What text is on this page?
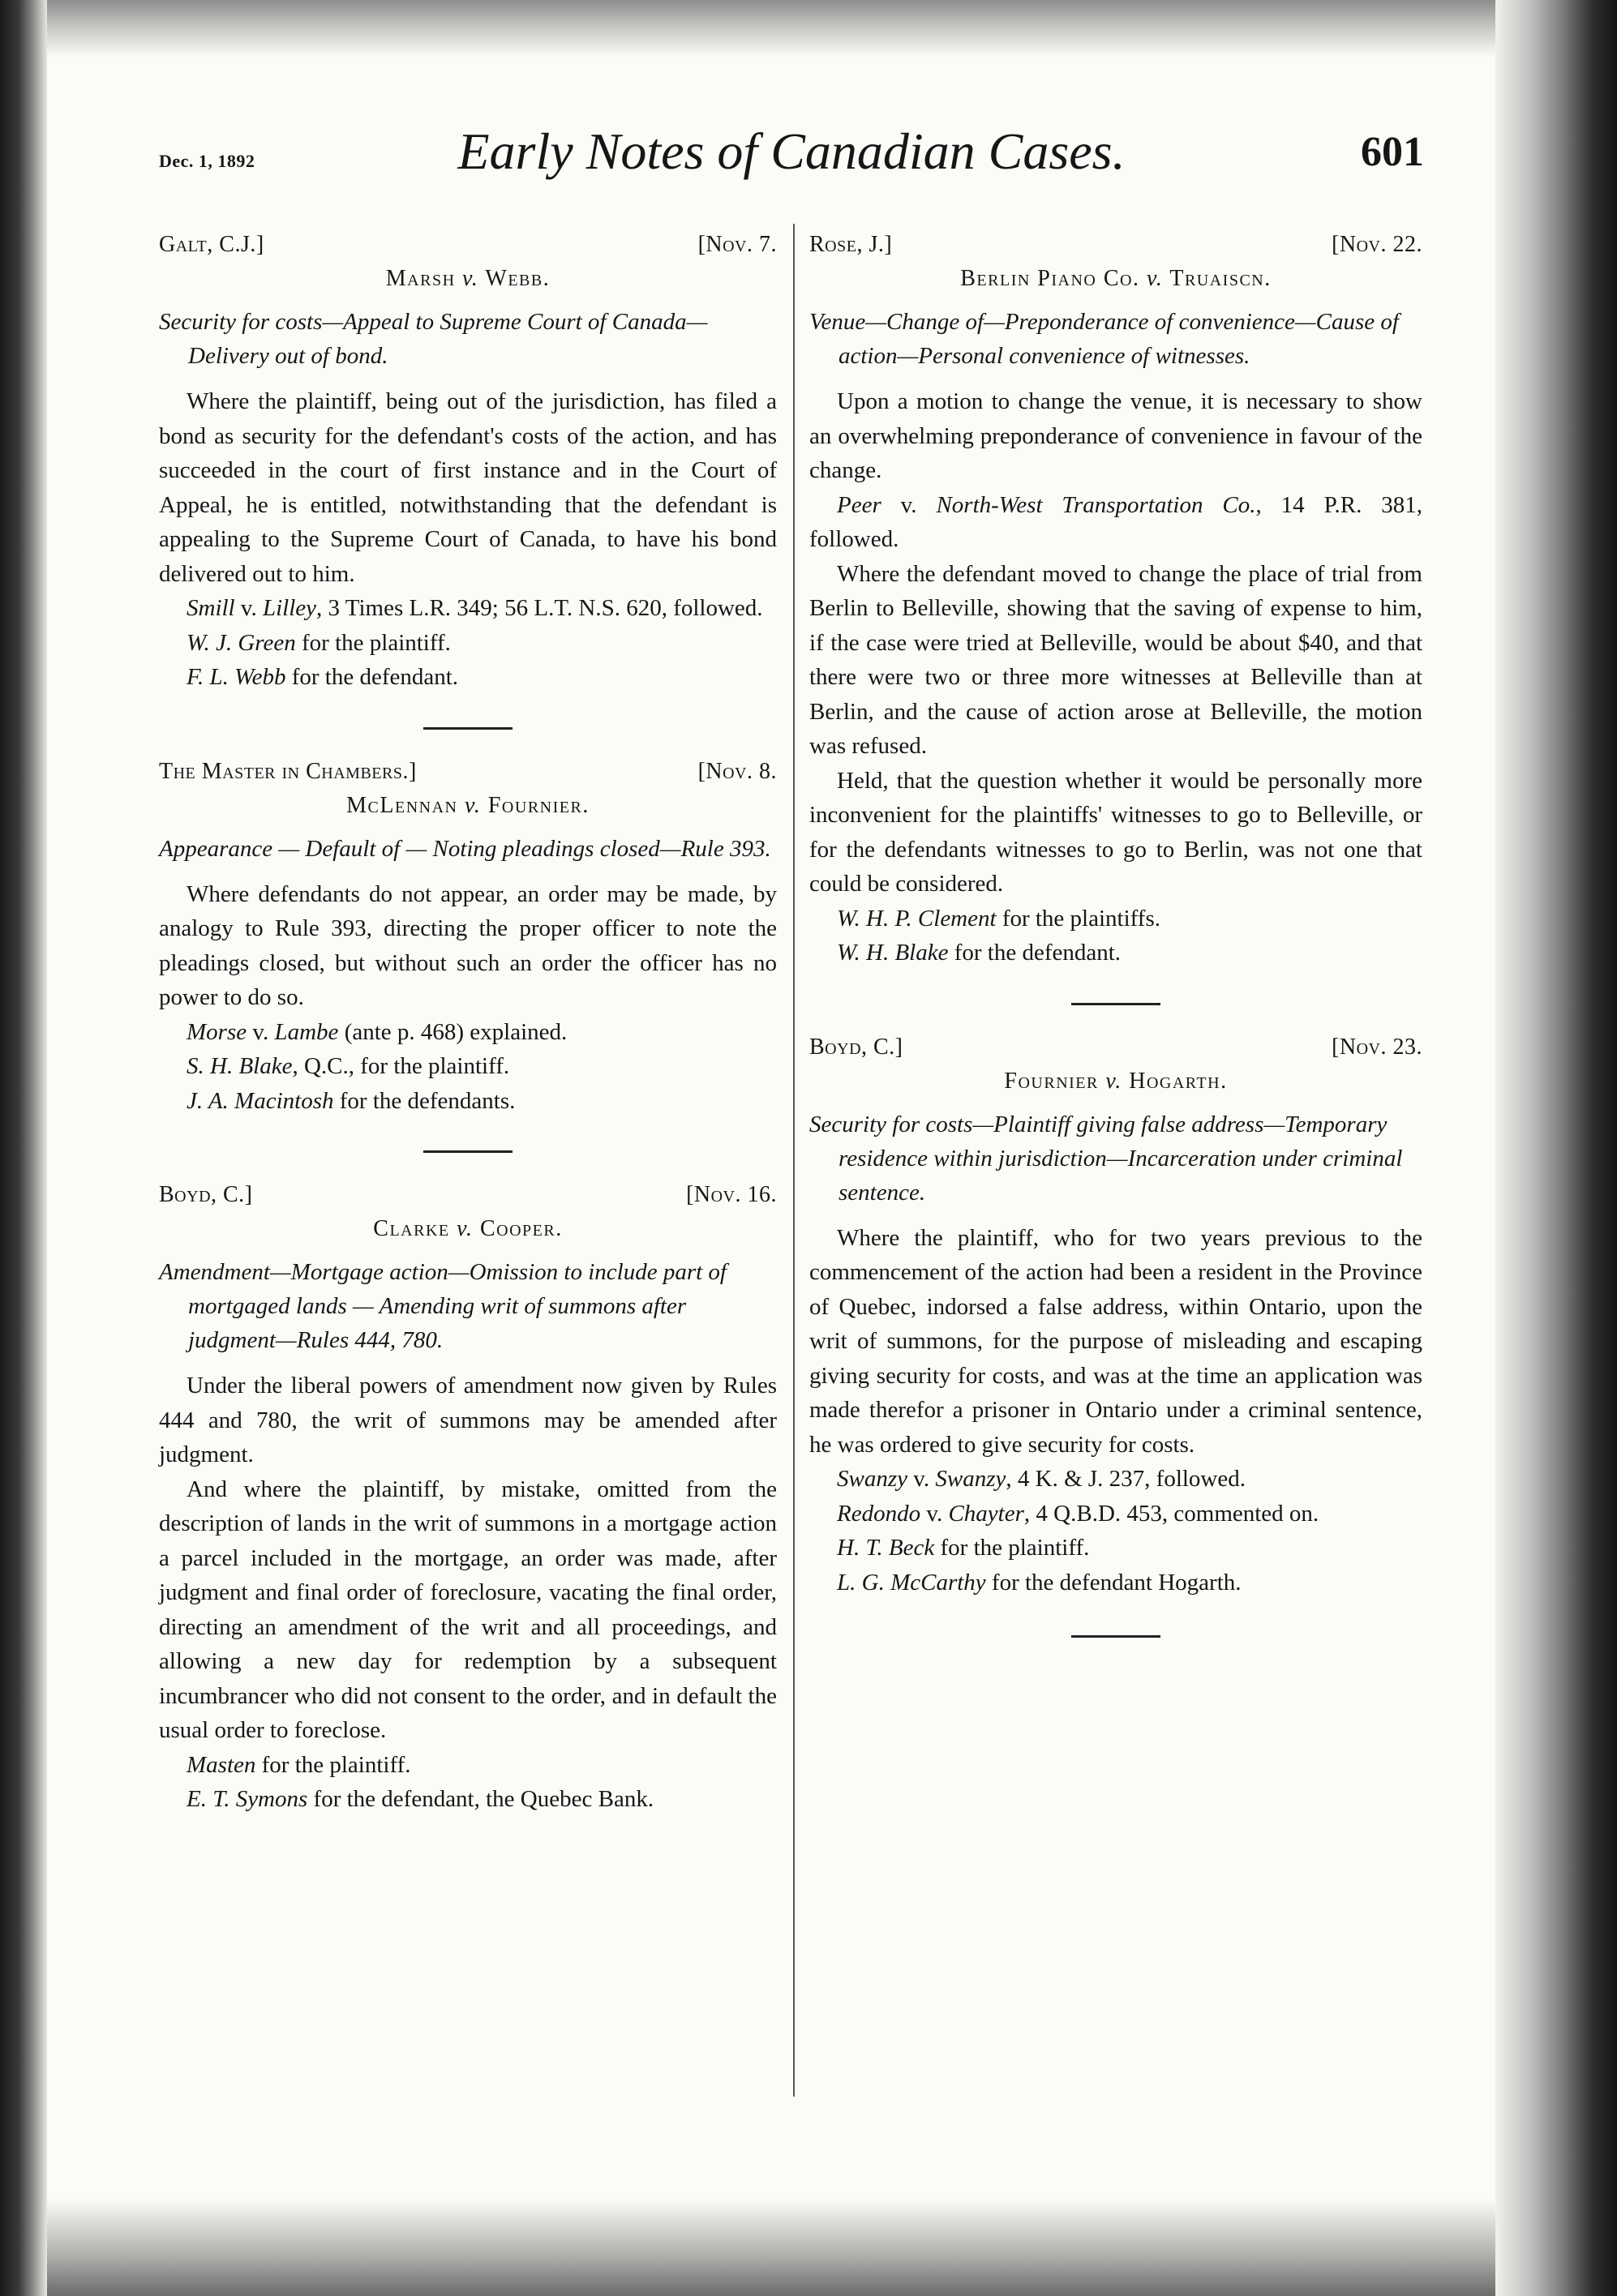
Dec. 1, 1892	Early Notes of Canadian Cases.	601
Galt, C.J.]	[Nov. 7.
Marsh v. Webb.

Security for costs—Appeal to Supreme Court of Canada—Delivery out of bond.

Where the plaintiff, being out of the jurisdiction, has filed a bond as security for the defendant's costs of the action, and has succeeded in the court of first instance and in the Court of Appeal, he is entitled, notwithstanding that the defendant is appealing to the Supreme Court of Canada, to have his bond delivered out to him.

Smill v. Lilley, 3 Times L.R. 349; 56 L.T. N.S. 620, followed.

W. J. Green for the plaintiff.

F. L. Webb for the defendant.

The Master in Chambers.]	[Nov. 8.
McLennan v. Fournier.

Appearance — Default of — Noting pleadings closed—Rule 393.

Where defendants do not appear, an order may be made, by analogy to Rule 393, directing the proper officer to note the pleadings closed, but without such an order the officer has no power to do so.

Morse v. Lambe (ante p. 468) explained.

S. H. Blake, Q.C., for the plaintiff.

J. A. Macintosh for the defendants.

Boyd, C.]	[Nov. 16.
Clarke v. Cooper.

Amendment—Mortgage action—Omission to include part of mortgaged lands — Amending writ of summons after judgment—Rules 444, 780.

Under the liberal powers of amendment now given by Rules 444 and 780, the writ of summons may be amended after judgment.

And where the plaintiff, by mistake, omitted from the description of lands in the writ of summons in a mortgage action a parcel included in the mortgage, an order was made, after judgment and final order of foreclosure, vacating the final order, directing an amendment of the writ and all proceedings, and allowing a new day for redemption by a subsequent incumbrancer who did not consent to the order, and in default the usual order to foreclose.

Masten for the plaintiff.

E. T. Symons for the defendant, the Quebec Bank.

Rose, J.]	[Nov. 22.
Berlin Piano Co. v. Truaiscn.

Venue—Change of—Preponderance of convenience—Cause of action—Personal convenience of witnesses.

Upon a motion to change the venue, it is necessary to show an overwhelming preponderance of convenience in favour of the change.

Peer v. North-West Transportation Co., 14 P.R. 381, followed.

Where the defendant moved to change the place of trial from Berlin to Belleville, showing that the saving of expense to him, if the case were tried at Belleville, would be about $40, and that there were two or three more witnesses at Belleville than at Berlin, and the cause of action arose at Belleville, the motion was refused.

Held, that the question whether it would be personally more inconvenient for the plaintiffs' witnesses to go to Belleville, or for the defendants witnesses to go to Berlin, was not one that could be considered.

W. H. P. Clement for the plaintiffs.

W. H. Blake for the defendant.

Boyd, C.]	[Nov. 23.
Fournier v. Hogarth.

Security for costs—Plaintiff giving false address—Temporary residence within jurisdiction—Incarceration under criminal sentence.

Where the plaintiff, who for two years previous to the commencement of the action had been a resident in the Province of Quebec, indorsed a false address, within Ontario, upon the writ of summons, for the purpose of misleading and escaping giving security for costs, and was at the time an application was made therefor a prisoner in Ontario under a criminal sentence, he was ordered to give security for costs.

Swanzy v. Swanzy, 4 K. & J. 237, followed.

Redondo v. Chayter, 4 Q.B.D. 453, commented on.

H. T. Beck for the plaintiff.

L. G. McCarthy for the defendant Hogarth.
